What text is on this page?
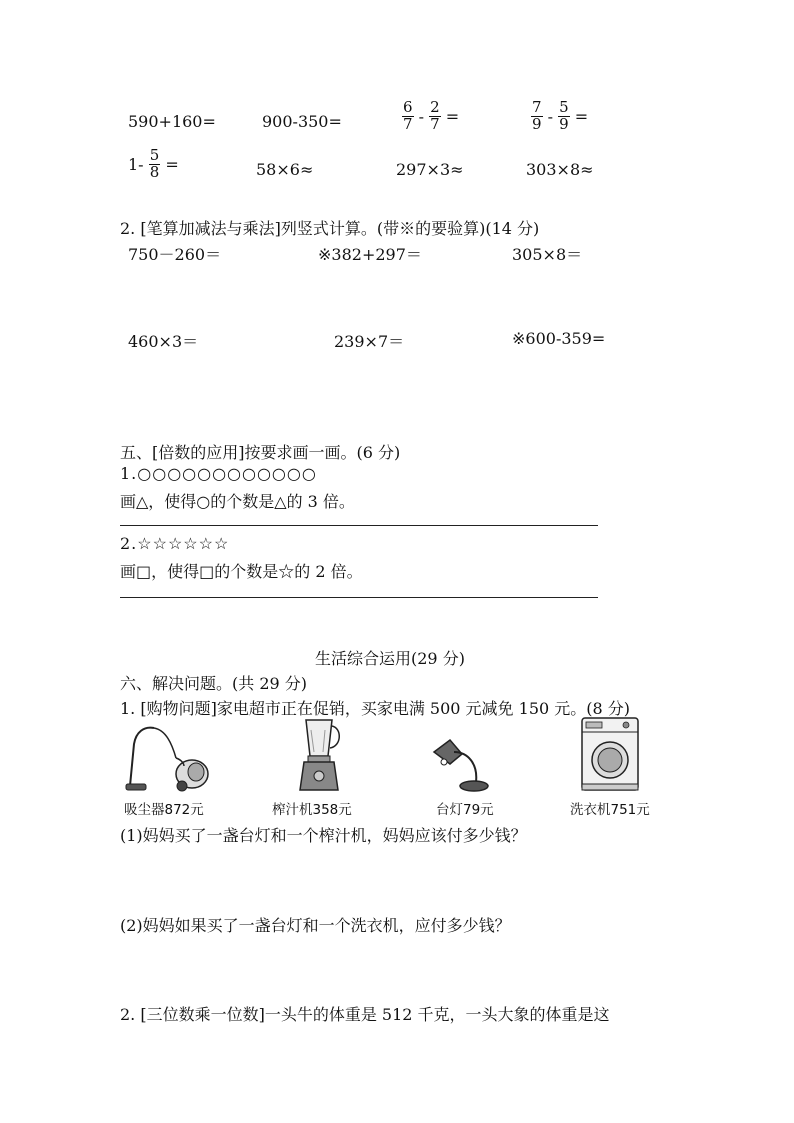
590+160=	900-350=	$\frac{6}{7} - \frac{2}{7}$ =	$\frac{7}{9} - \frac{5}{9}$ =
$1- \frac{5}{8}$ =	58×6≈	297×3≈	303×8≈
2. [笔算加减法与乘法]列竖式计算。(带※的要验算)(14 分)
750－260＝	※382+297＝	305×8＝
460×3＝	239×7＝	※600-359=
五、[倍数的应用]按要求画一画。(6 分)
1.○○○○○○○○○○○○
画△，使得○的个数是△的 3 倍。
2.☆☆☆☆☆☆
画□，使得□的个数是☆的 2 倍。
生活综合运用(29 分)
六、解决问题。(共 29 分)
1. [购物问题]家电超市正在促销，买家电满 500 元减免 150 元。(8 分)
吸尘器872元	榨汁机358元	台灯79元	洗衣机751元
(1)妈妈买了一盏台灯和一个榨汁机，妈妈应该付多少钱？
(2)妈妈如果买了一盏台灯和一个洗衣机，应付多少钱？
2. [三位数乘一位数]一头牛的体重是 512 千克，一头大象的体重是这
